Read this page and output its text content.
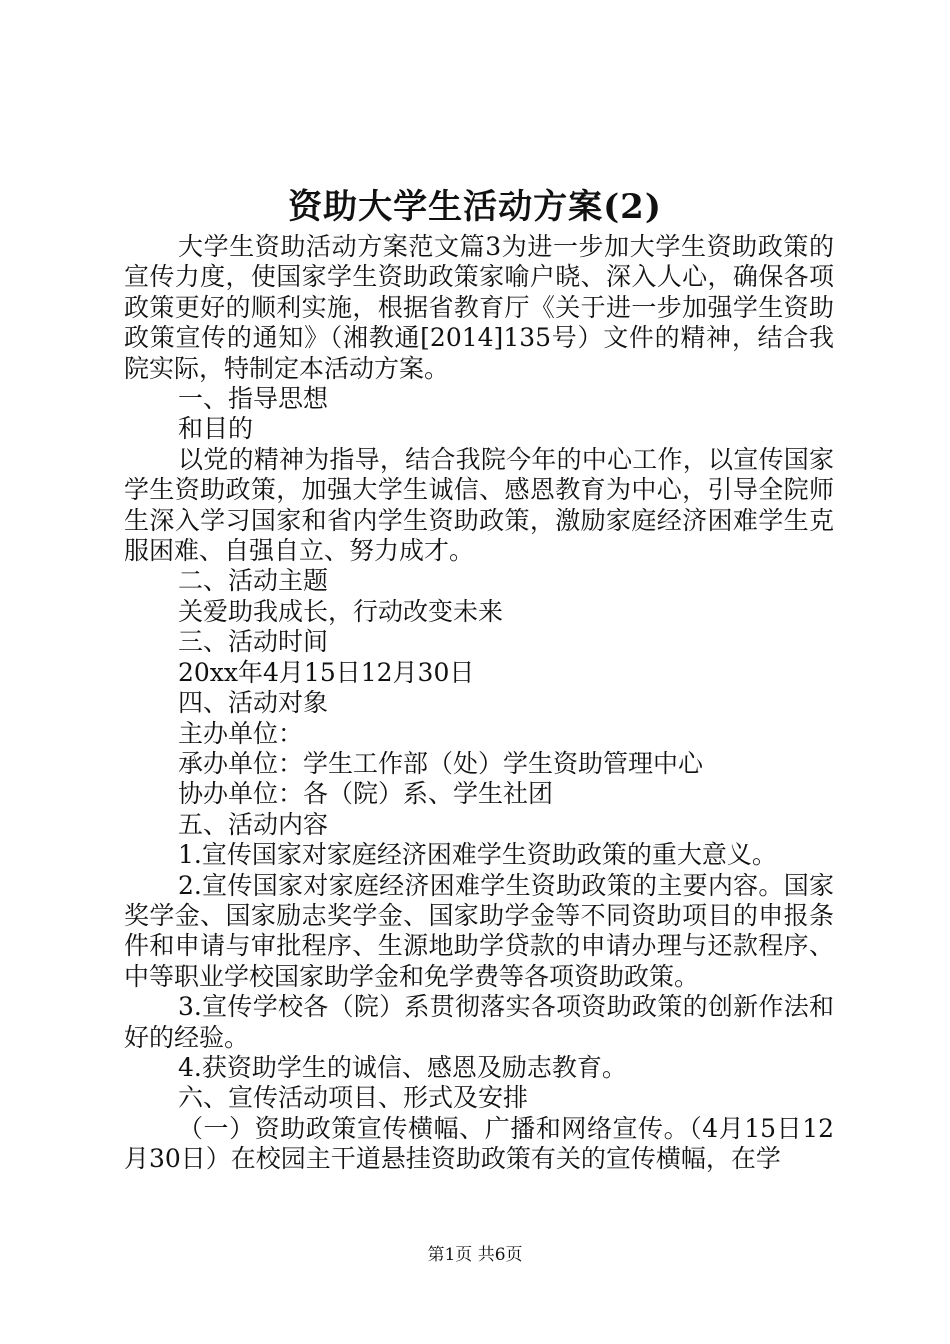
资助大学生活动方案(2)

大学生资助活动方案范文篇3为进一步加大学生资助政策的宣传力度，使国家学生资助政策家喻户晓、深入人心，确保各项政策更好的顺利实施，根据省教育厅《关于进一步加强学生资助政策宣传的通知》（湘教通[2014]135号）文件的精神，结合我院实际，特制定本活动方案。

一、指导思想

和目的

以党的精神为指导，结合我院今年的中心工作，以宣传国家学生资助政策，加强大学生诚信、感恩教育为中心，引导全院师生深入学习国家和省内学生资助政策，激励家庭经济困难学生克服困难、自强自立、努力成才。

二、活动主题

关爱助我成长，行动改变未来

三、活动时间

20xx年4月15日12月30日

四、活动对象

主办单位：

承办单位：学生工作部（处）学生资助管理中心

协办单位：各（院）系、学生社团

五、活动内容

1.宣传国家对家庭经济困难学生资助政策的重大意义。

2.宣传国家对家庭经济困难学生资助政策的主要内容。国家奖学金、国家励志奖学金、国家助学金等不同资助项目的申报条件和申请与审批程序、生源地助学贷款的申请办理与还款程序、中等职业学校国家助学金和免学费等各项资助政策。

3.宣传学校各（院）系贯彻落实各项资助政策的创新作法和好的经验。

4.获资助学生的诚信、感恩及励志教育。

六、宣传活动项目、形式及安排

（一）资助政策宣传横幅、广播和网络宣传。（4月15日12月30日）在校园主干道悬挂资助政策有关的宣传横幅，在学

第1页 共6页
